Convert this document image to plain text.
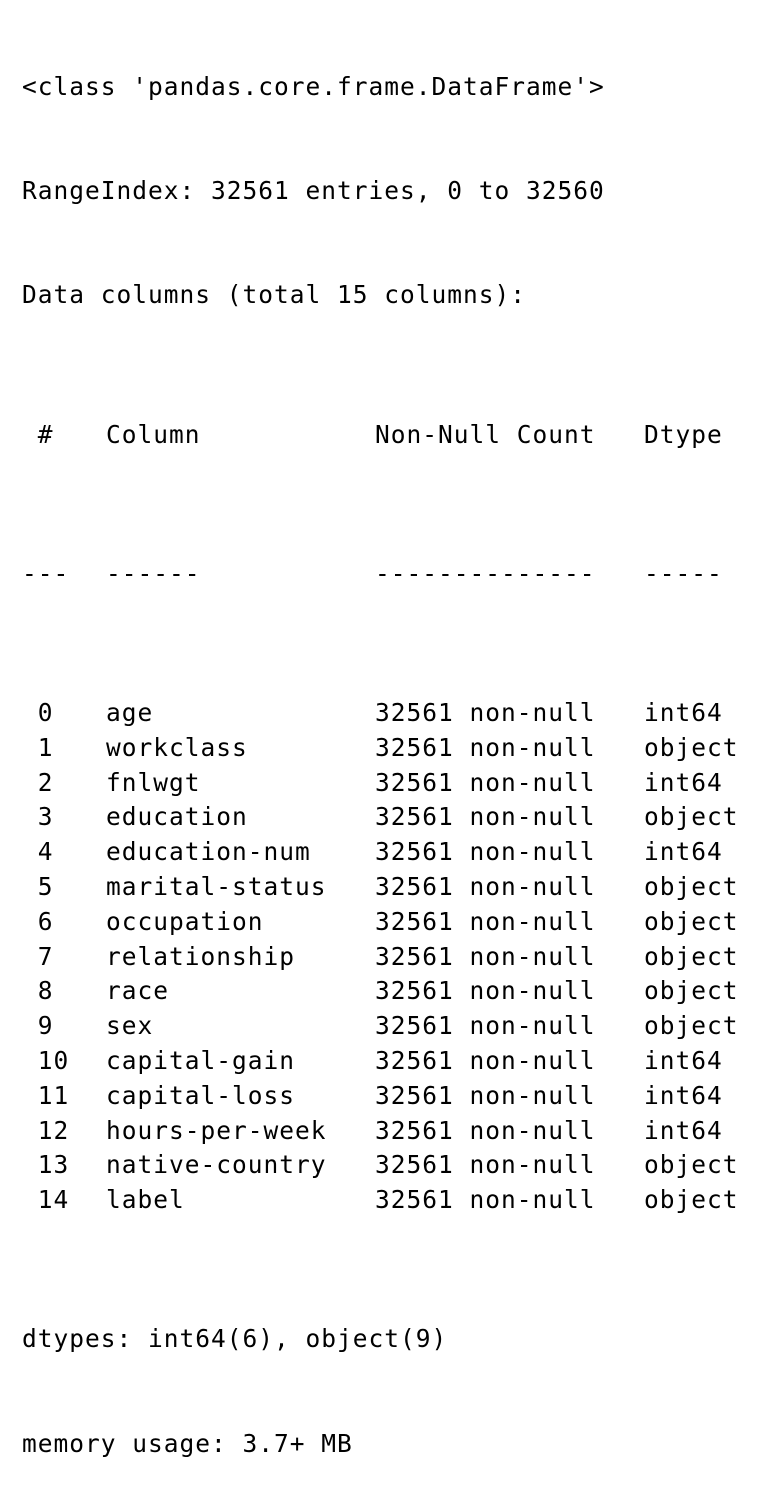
<class 'pandas.core.frame.DataFrame'>

RangeIndex: 32561 entries, 0 to 32560

Data columns (total 15 columns):

# Column	Non-Null Count Dtype

--- ------	-------------- -----

0 age	32561 non-null int64
1 workclass	32561 non-null object
2 fnlwgt	32561 non-null int64
3 education	32561 non-null object
4 education-num	32561 non-null int64
5 marital-status 32561 non-null object
6 occupation	32561 non-null object
7 relationship	32561 non-null object
8 race	32561 non-null object
9 sex	32561 non-null object
10 capital-gain	32561 non-null int64
11 capital-loss	32561 non-null int64
12 hours-per-week 32561 non-null int64
13 native-country 32561 non-null object
14 label	32561 non-null object

dtypes: int64(6), object(9)

memory usage: 3.7+ MB
